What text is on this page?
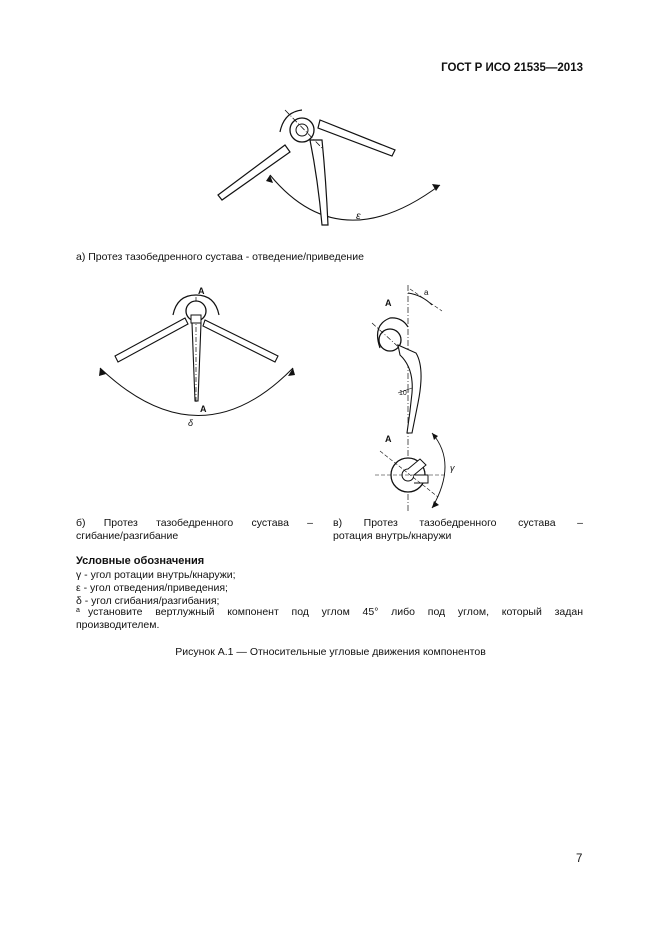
ГОСТ Р ИСО 21535—2013
ε
а) Протез тазобедренного сустава - отведение/приведение
A
A
δ
A
a
10°
A
γ
б) Протез тазобедренного сустава –
сгибание/разгибание
в) Протез тазобедренного сустава –
ротация внутрь/кнаружи
Условные обозначения
γ - угол ротации внутрь/кнаружи;
ε - угол отведения/приведения;
δ - угол сгибания/разгибания;
a установите вертлужный компонент под углом 45° либо под углом, который задан
производителем.
Рисунок А.1 — Относительные угловые движения компонентов
7
